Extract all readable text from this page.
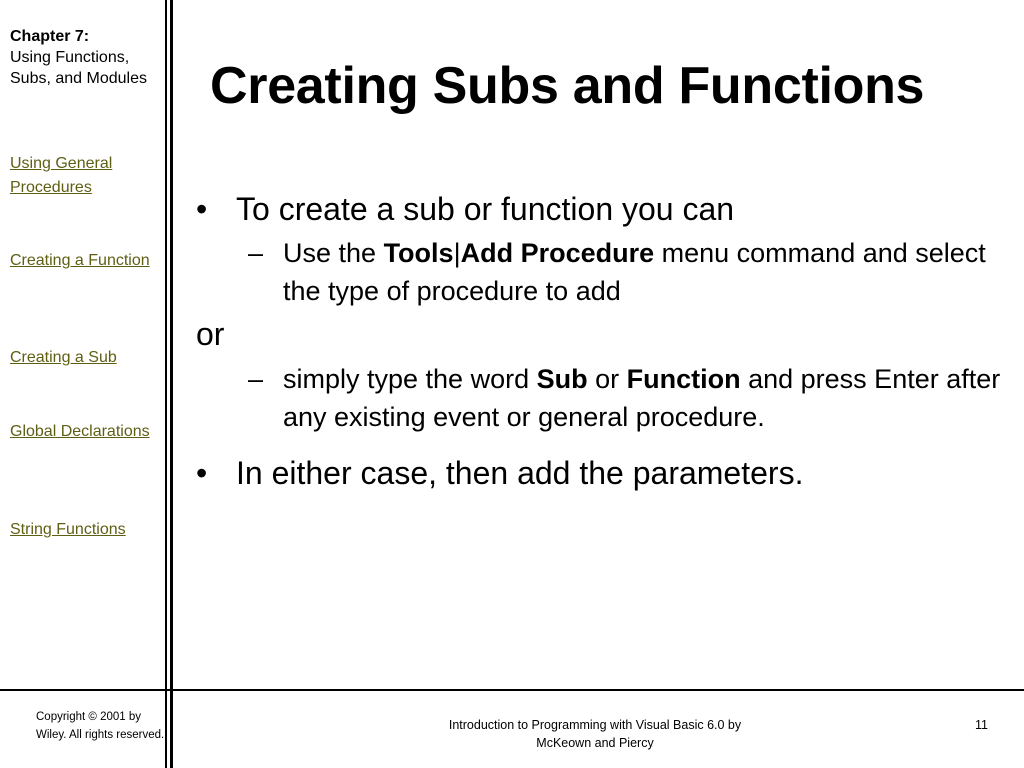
Chapter 7:
Using Functions, Subs, and Modules
Using General Procedures
Creating a Function
Creating a Sub
Global Declarations
String Functions
Creating Subs and Functions
• To create a sub or function you can
– Use the Tools|Add Procedure menu command and select the type of procedure to add
or
– simply type the word Sub or Function and press Enter after any existing event or general procedure.
• In either case, then add the parameters.
Copyright © 2001 by Wiley. All rights reserved.
Introduction to Programming with Visual Basic 6.0 by McKeown and Piercy
11
